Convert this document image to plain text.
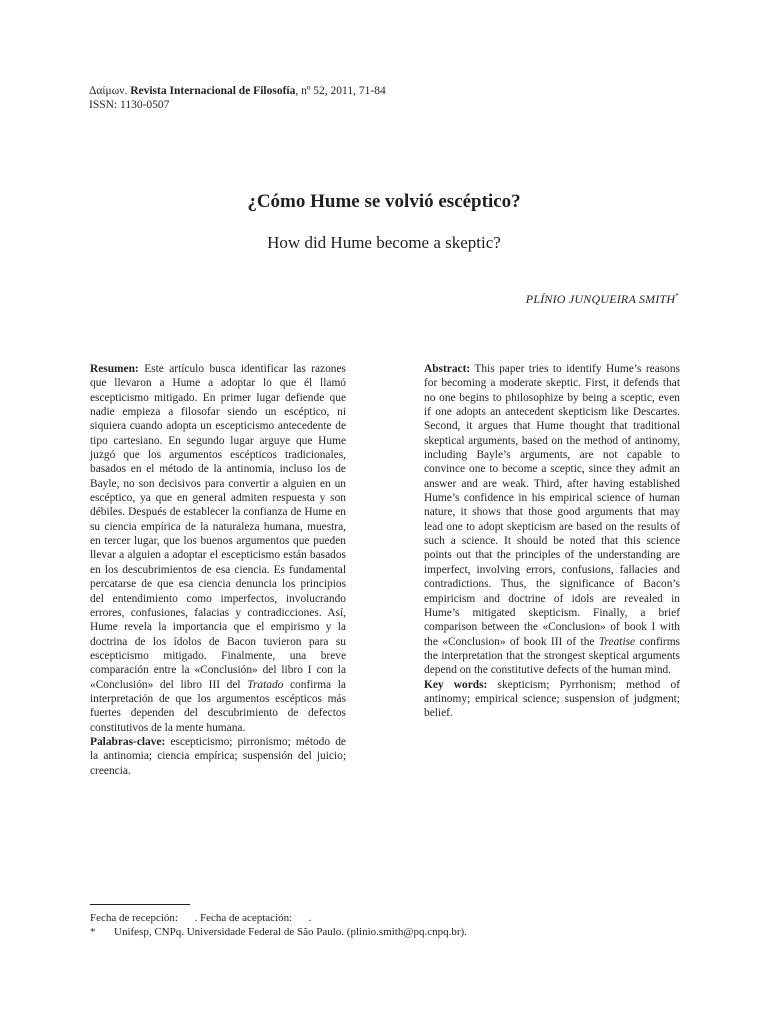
Δαίμων. Revista Internacional de Filosofía, nº 52, 2011, 71-84
ISSN: 1130-0507
¿Cómo Hume se volvió escéptico?
How did Hume become a skeptic?
PLÍNIO JUNQUEIRA SMITH*

Resumen: Este artículo busca identificar las razones que llevaron a Hume a adoptar lo que él llamó escepticismo mitigado. En primer lugar defiende que nadie empieza a filosofar siendo un escéptico, ni siquiera cuando adopta un escepticismo antecedente de tipo cartesiano. En segundo lugar arguye que Hume juzgó que los argumentos escépticos tradicionales, basados en el método de la antinomia, incluso los de Bayle, no son decisivos para convertir a alguien en un escéptico, ya que en general admiten respuesta y son débiles. Después de establecer la confianza de Hume en su ciencia empírica de la naturaleza humana, muestra, en tercer lugar, que los buenos argumentos que pueden llevar a alguien a adoptar el escepticismo están basados en los descubrimientos de esa ciencia. Es fundamental percatarse de que esa ciencia denuncia los principios del entendimiento como imperfectos, involucrando errores, confusiones, falacias y contradicciones. Así, Hume revela la importancia que el empirismo y la doctrina de los ídolos de Bacon tuvieron para su escepticismo mitigado. Finalmente, una breve comparación entre la «Conclusión» del libro I con la «Conclusión» del libro III del Tratado confirma la interpretación de que los argumentos escépticos más fuertes dependen del descubrimiento de defectos constitutivos de la mente humana.

Palabras-clave: escepticismo; pirronismo; método de la antinomia; ciencia empírica; suspensión del juicio; creencia.

Abstract: This paper tries to identify Hume’s reasons for becoming a moderate skeptic. First, it defends that no one begins to philosophize by being a sceptic, even if one adopts an antecedent skepticism like Descartes. Second, it argues that Hume thought that traditional skeptical arguments, based on the method of antinomy, including Bayle’s arguments, are not capable to convince one to become a sceptic, since they admit an answer and are weak. Third, after having established Hume’s confidence in his empirical science of human nature, it shows that those good arguments that may lead one to adopt skepticism are based on the results of such a science. It should be noted that this science points out that the principles of the understanding are imperfect, involving errors, confusions, fallacies and contradictions. Thus, the significance of Bacon’s empiricism and doctrine of idols are revealed in Hume’s mitigated skepticism. Finally, a brief comparison between the «Conclusion» of book I with the «Conclusion» of book III of the Treatise confirms the interpretation that the strongest skeptical arguments depend on the constitutive defects of the human mind.

Key words: skepticism; Pyrrhonism; method of antinomy; empirical science; suspension of judgment; belief.

Fecha de recepción:      . Fecha de aceptación:      .
* Unifesp, CNPq. Universidade Federal de São Paulo. (plinio.smith@pq.cnpq.br).
